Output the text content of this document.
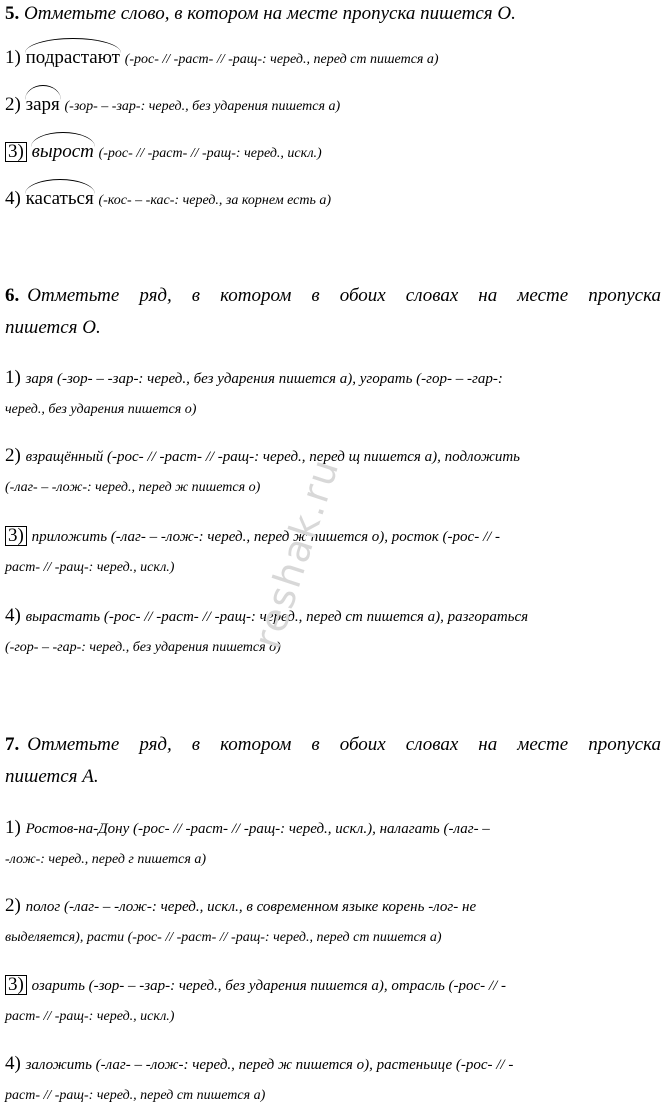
5. Отметьте слово, в котором на месте пропуска пишется О.
1) подрастают (-рос- // -раст- // -ращ-: черед., перед ст пишется а)
2) заря (-зор- – -зар-: черед., без ударения пишется а)
3) вырост (-рос- // -раст- // -ращ-: черед., искл.)
4) касаться (-кос- – -кас-: черед., за корнем есть а)
6. Отметьте ряд, в котором в обоих словах на месте пропуска
пишется О.
1) заря (-зор- – -зар-: черед., без ударения пишется а), угорать (-гор- – -гар-:
черед., без ударения пишется о)
2) взращённый (-рос- // -раст- // -ращ-: черед., перед щ пишется а), подложить
(-лаг- – -лож-: черед., перед ж пишется о)
3) приложить (-лаг- – -лож-: черед., перед ж пишется о), росток (-рос- // -
раст- // -ращ-: черед., искл.)
4) вырастать (-рос- // -раст- // -ращ-: черед., перед ст пишется а), разгораться
(-гор- – -гар-: черед., без ударения пишется о)
7. Отметьте ряд, в котором в обоих словах на месте пропуска
пишется А.
1) Ростов-на-Дону (-рос- // -раст- // -ращ-: черед., искл.), налагать (-лаг- –
-лож-: черед., перед г пишется а)
2) полог (-лаг- – -лож-: черед., искл., в современном языке корень -лог- не
выделяется), расти (-рос- // -раст- // -ращ-: черед., перед ст пишется а)
3) озарить (-зор- – -зар-: черед., без ударения пишется а), отрасль (-рос- // -
раст- // -ращ-: черед., искл.)
4) заложить (-лаг- – -лож-: черед., перед ж пишется о), растеньице (-рос- // -
раст- // -ращ-: черед., перед ст пишется а)
reshak.ru
